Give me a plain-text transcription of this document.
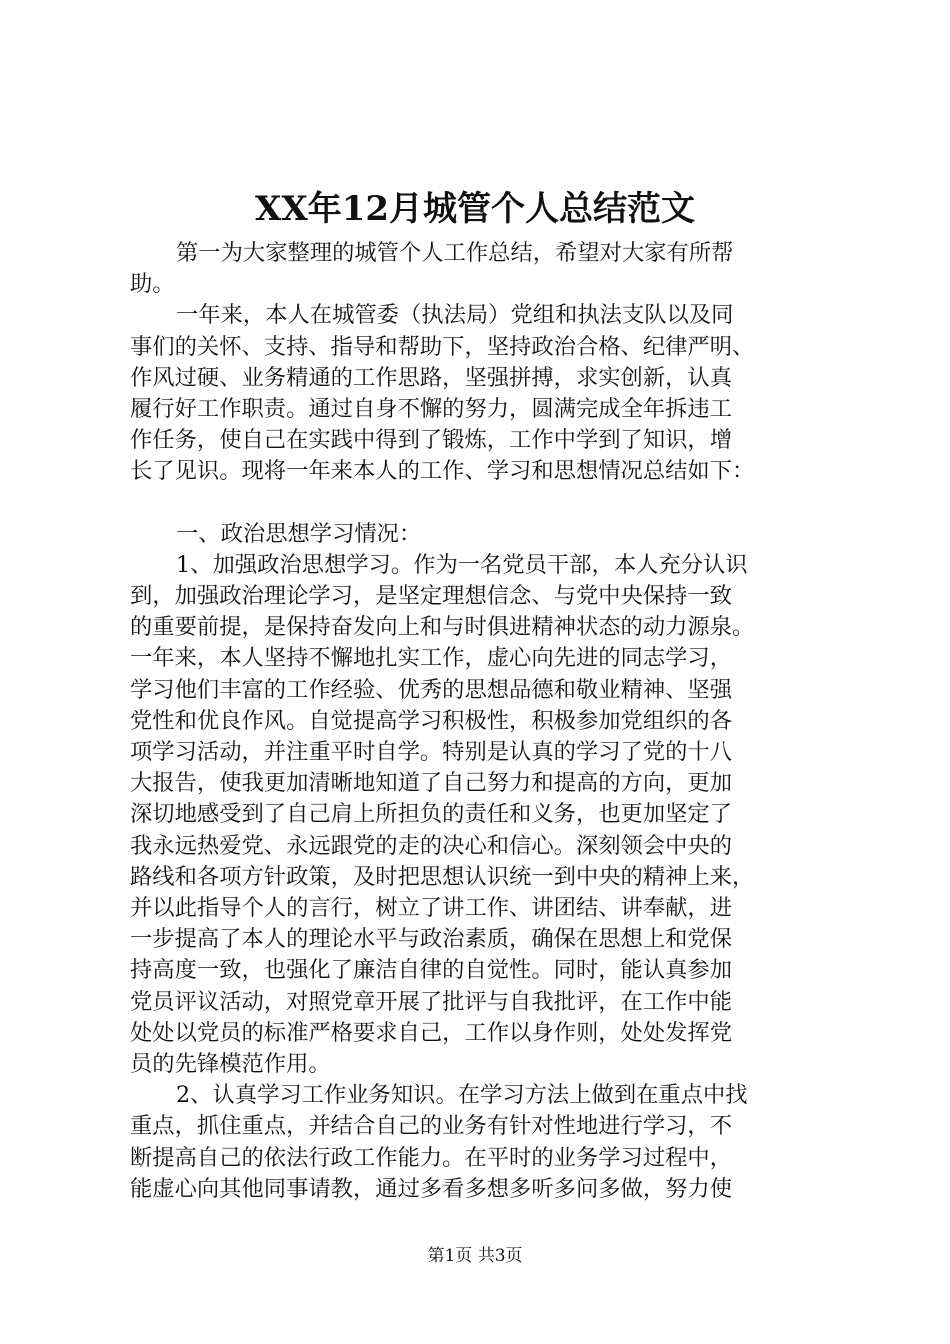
XX年12月城管个人总结范文

第一为大家整理的城管个人工作总结，希望对大家有所帮
助。

一年来，本人在城管委（执法局）党组和执法支队以及同
事们的关怀、支持、指导和帮助下，坚持政治合格、纪律严明、
作风过硬、业务精通的工作思路，坚强拼搏，求实创新，认真
履行好工作职责。通过自身不懈的努力，圆满完成全年拆违工
作任务，使自己在实践中得到了锻炼，工作中学到了知识，增
长了见识。现将一年来本人的工作、学习和思想情况总结如下：

一、政治思想学习情况：

1、加强政治思想学习。作为一名党员干部，本人充分认识
到，加强政治理论学习，是坚定理想信念、与党中央保持一致
的重要前提，是保持奋发向上和与时俱进精神状态的动力源泉。
一年来，本人坚持不懈地扎实工作，虚心向先进的同志学习，
学习他们丰富的工作经验、优秀的思想品德和敬业精神、坚强
党性和优良作风。自觉提高学习积极性，积极参加党组织的各
项学习活动，并注重平时自学。特别是认真的学习了党的十八
大报告，使我更加清晰地知道了自己努力和提高的方向，更加
深切地感受到了自己肩上所担负的责任和义务，也更加坚定了
我永远热爱党、永远跟党的走的决心和信心。深刻领会中央的
路线和各项方针政策，及时把思想认识统一到中央的精神上来，
并以此指导个人的言行，树立了讲工作、讲团结、讲奉献，进
一步提高了本人的理论水平与政治素质，确保在思想上和党保
持高度一致，也强化了廉洁自律的自觉性。同时，能认真参加
党员评议活动，对照党章开展了批评与自我批评，在工作中能
处处以党员的标准严格要求自己，工作以身作则，处处发挥党
员的先锋模范作用。

2、认真学习工作业务知识。在学习方法上做到在重点中找
重点，抓住重点，并结合自己的业务有针对性地进行学习，不
断提高自己的依法行政工作能力。在平时的业务学习过程中，
能虚心向其他同事请教，通过多看多想多听多问多做，努力使

第1页 共3页
